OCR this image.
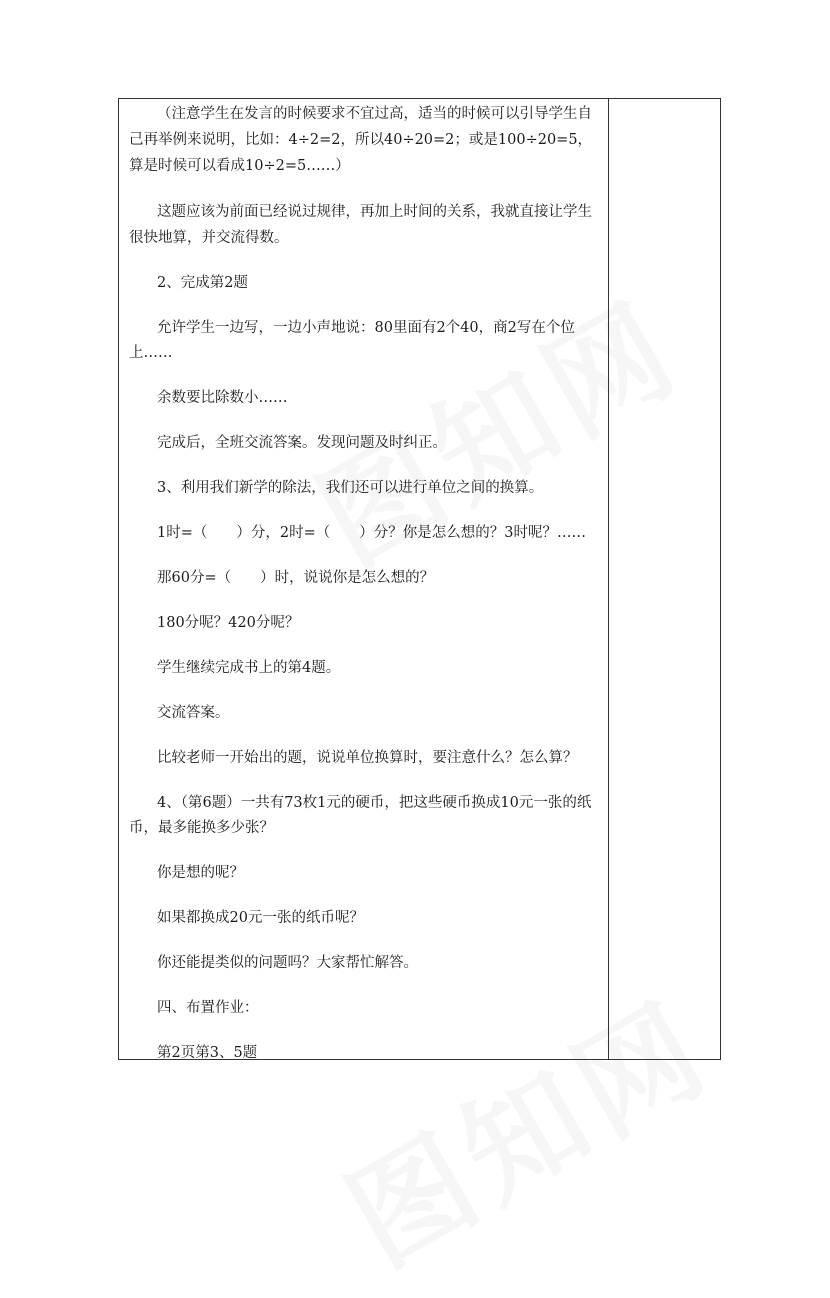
（注意学生在发言的时候要求不宜过高，适当的时候可以引导学生自己再举例来说明，比如：4÷2=2，所以40÷20=2；或是100÷20=5，算是时候可以看成10÷2=5……）

这题应该为前面已经说过规律，再加上时间的关系，我就直接让学生很快地算，并交流得数。

2、完成第2题

允许学生一边写，一边小声地说：80里面有2个40，商2写在个位上……

余数要比除数小……

完成后，全班交流答案。发现问题及时纠正。

3、利用我们新学的除法，我们还可以进行单位之间的换算。

1时=（　　）分，2时=（　　）分？你是怎么想的？3时呢？……

那60分=（　　）时，说说你是怎么想的？

180分呢？420分呢？

学生继续完成书上的第4题。

交流答案。

比较老师一开始出的题，说说单位换算时，要注意什么？怎么算？

4、（第6题）一共有73枚1元的硬币，把这些硬币换成10元一张的纸币，最多能换多少张？

你是想的呢？

如果都换成20元一张的纸币呢？

你还能提类似的问题吗？大家帮忙解答。

四、布置作业：

第2页第3、5题
